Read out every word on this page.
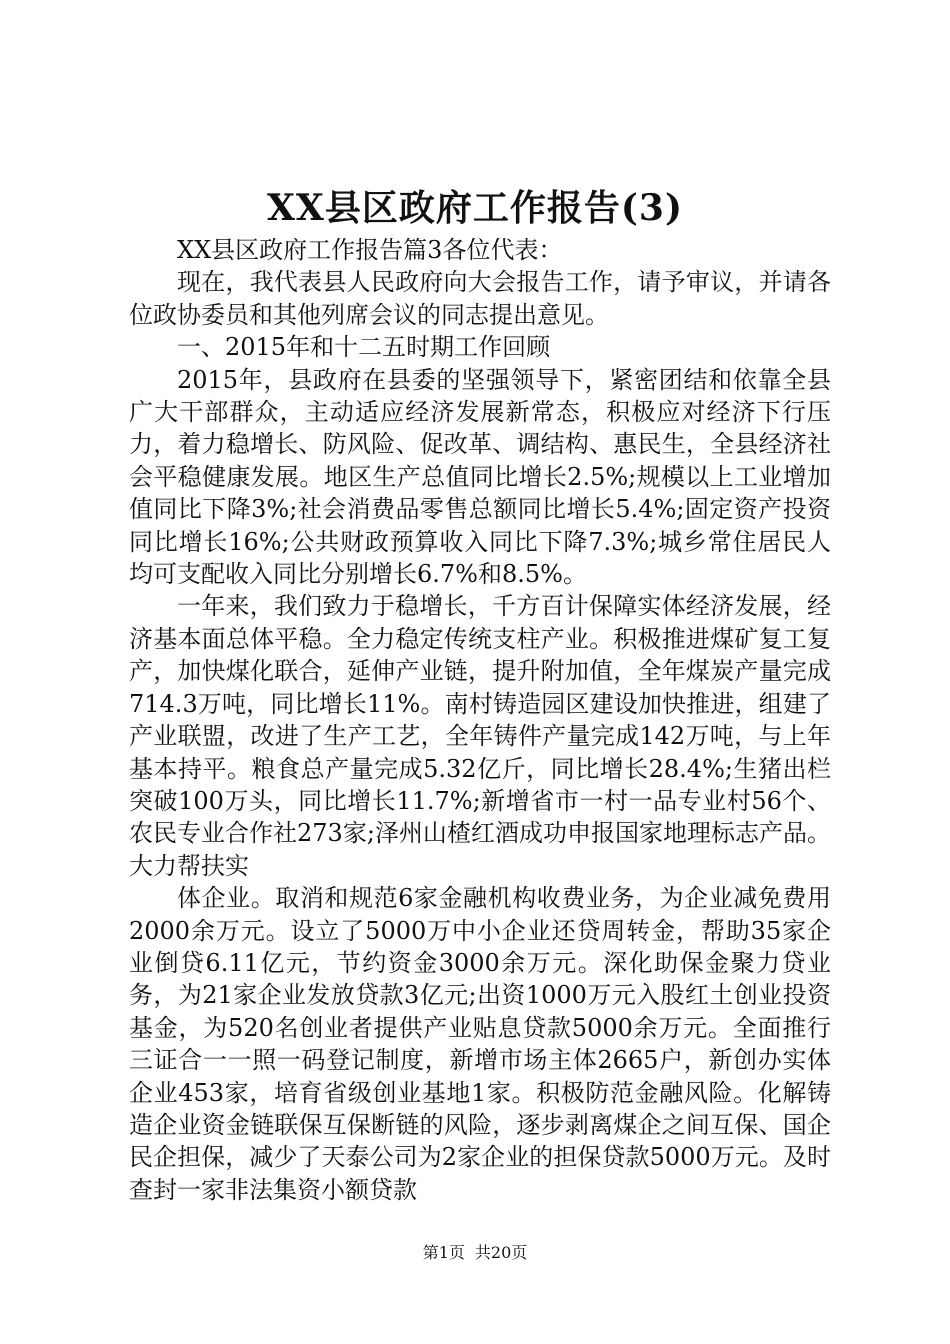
XX县区政府工作报告(3)

XX县区政府工作报告篇3各位代表：

现在，我代表县人民政府向大会报告工作，请予审议，并请各位政协委员和其他列席会议的同志提出意见。

一、2015年和十二五时期工作回顾

2015年，县政府在县委的坚强领导下，紧密团结和依靠全县广大干部群众，主动适应经济发展新常态，积极应对经济下行压力，着力稳增长、防风险、促改革、调结构、惠民生，全县经济社会平稳健康发展。地区生产总值同比增长2.5%;规模以上工业增加值同比下降3%;社会消费品零售总额同比增长5.4%;固定资产投资同比增长16%;公共财政预算收入同比下降7.3%;城乡常住居民人均可支配收入同比分别增长6.7%和8.5%。

一年来，我们致力于稳增长，千方百计保障实体经济发展，经济基本面总体平稳。全力稳定传统支柱产业。积极推进煤矿复工复产，加快煤化联合，延伸产业链，提升附加值，全年煤炭产量完成714.3万吨，同比增长11%。南村铸造园区建设加快推进，组建了产业联盟，改进了生产工艺，全年铸件产量完成142万吨，与上年基本持平。粮食总产量完成5.32亿斤，同比增长28.4%;生猪出栏突破100万头，同比增长11.7%;新增省市一村一品专业村56个、农民专业合作社273家;泽州山楂红酒成功申报国家地理标志产品。大力帮扶实

体企业。取消和规范6家金融机构收费业务，为企业减免费用2000余万元。设立了5000万中小企业还贷周转金，帮助35家企业倒贷6.11亿元，节约资金3000余万元。深化助保金聚力贷业务，为21家企业发放贷款3亿元;出资1000万元入股红土创业投资基金，为520名创业者提供产业贴息贷款5000余万元。全面推行三证合一一照一码登记制度，新增市场主体2665户，新创办实体企业453家，培育省级创业基地1家。积极防范金融风险。化解铸造企业资金链联保互保断链的风险，逐步剥离煤企之间互保、国企民企担保，减少了天泰公司为2家企业的担保贷款5000万元。及时查封一家非法集资小额贷款

第1页 共20页
